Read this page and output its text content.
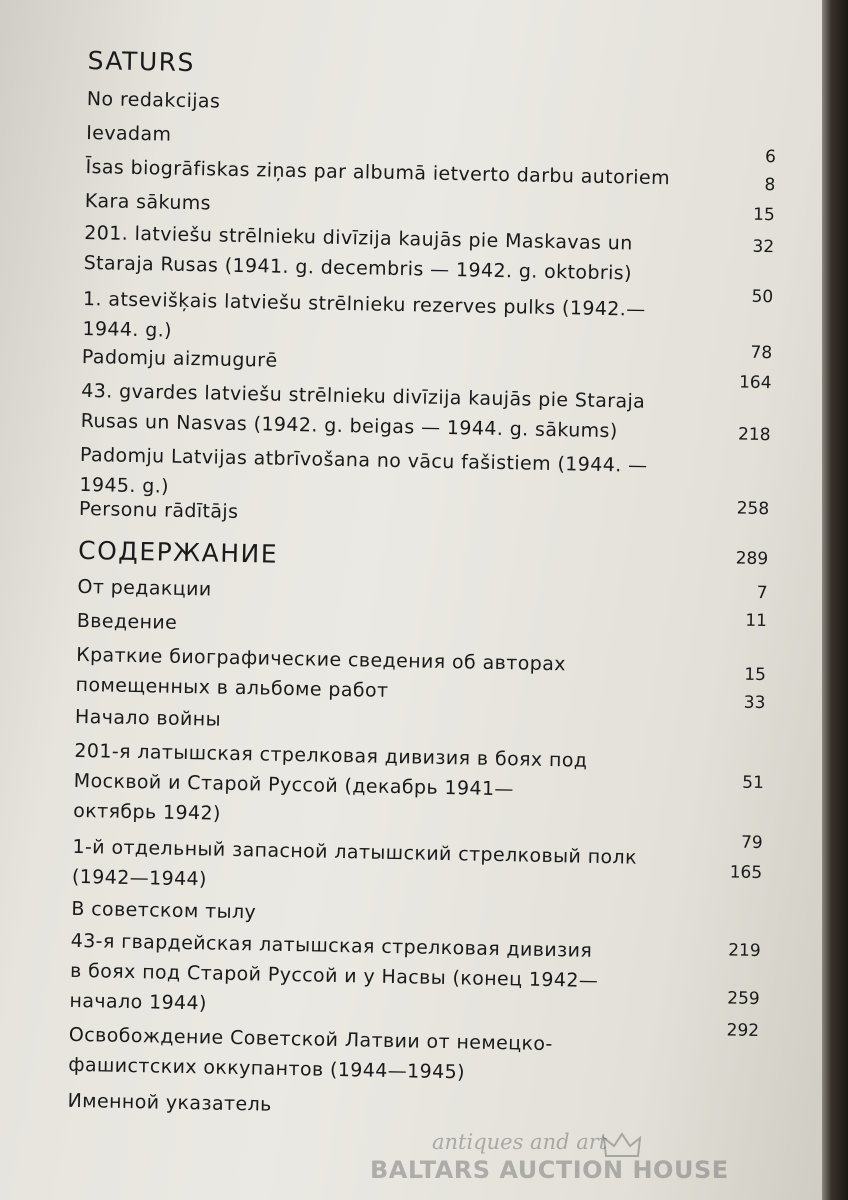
SATURS
No redakcijas
Ievadam
Īsas biogrāfiskas ziņas par albumā ietverto darbu autoriem
Kara sākums
201. latviešu strēlnieku divīzija kaujās pie Maskavas un
Staraja Rusas (1941. g. decembris — 1942. g. oktobris)
1. atsevišķais latviešu strēlnieku rezerves pulks (1942.—
1944. g.)
Padomju aizmugurē
43. gvardes latviešu strēlnieku divīzija kaujās pie Staraja
Rusas un Nasvas (1942. g. beigas — 1944. g. sākums)
Padomju Latvijas atbrīvošana no vācu fašistiem (1944. —
1945. g.)
Personu rādītājs
6
8
15
32
50
78
164
218
258
289
СОДЕРЖАНИЕ
От редакции
Введение
Краткие биографические сведения об авторах
помещенных в альбоме работ
Начало войны
201-я латышская стрелковая дивизия в боях под
Москвой и Старой Руссой (декабрь 1941—
октябрь 1942)
1-й отдельный запасной латышский стрелковый полк
(1942—1944)
В советском тылу
43-я гвардейская латышская стрелковая дивизия
в боях под Старой Руссой и у Насвы (конец 1942—
начало 1944)
Освобождение Советской Латвии от немецко-
фашистских оккупантов (1944—1945)
Именной указатель
7
11
15
33
51
79
165
219
259
292
antiques and art
BALTARS AUCTION HOUSE
